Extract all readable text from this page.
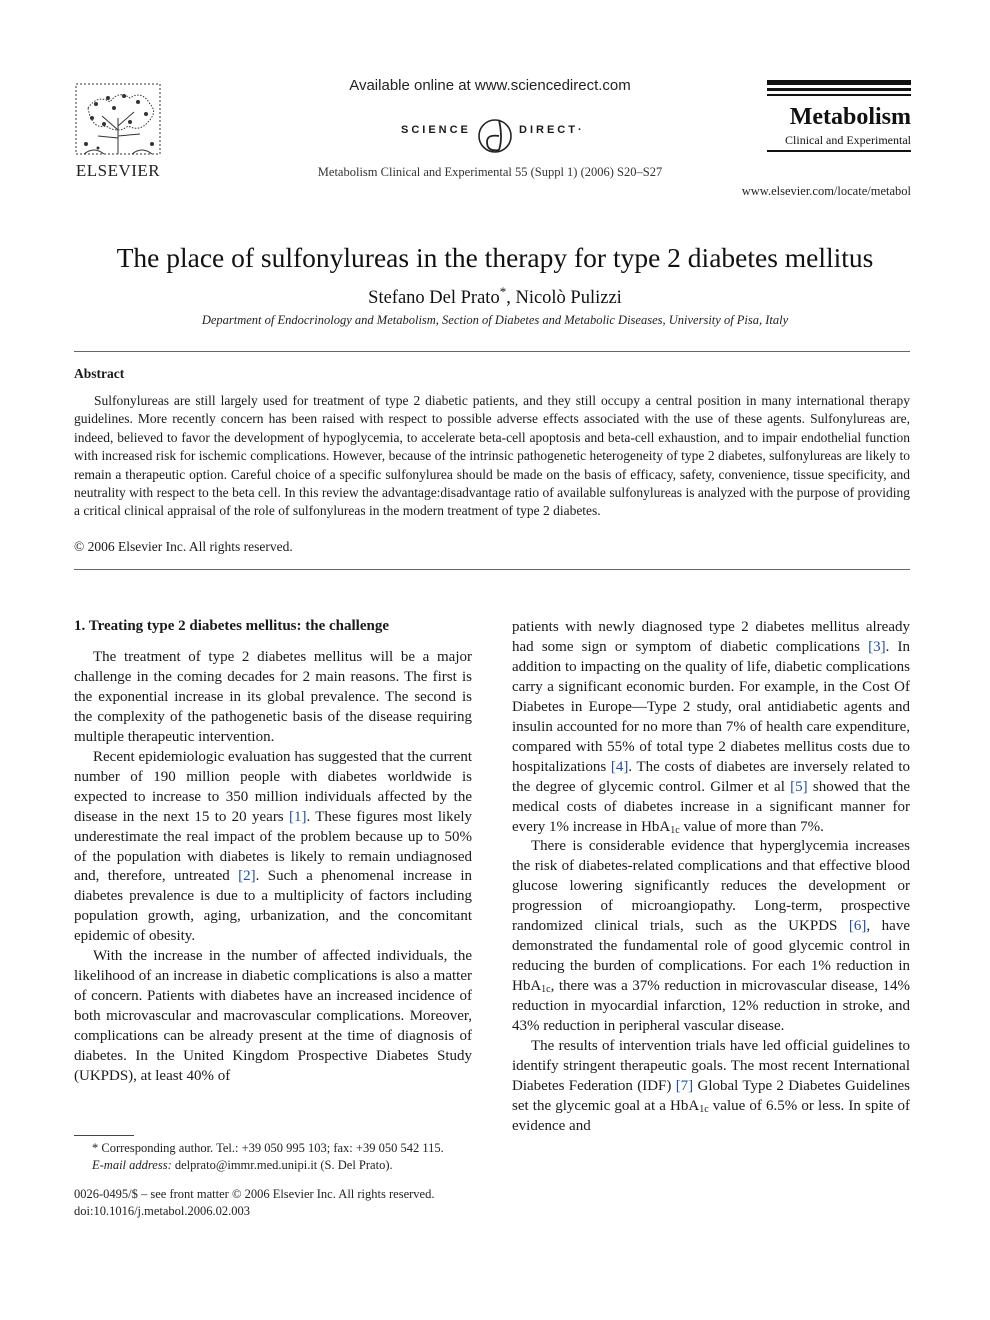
ELSEVIER
Available online at www.sciencedirect.com
SCIENCE	DIRECT·
Metabolism Clinical and Experimental 55 (Suppl 1) (2006) S20–S27
Metabolism
Clinical and Experimental
www.elsevier.com/locate/metabol
The place of sulfonylureas in the therapy for type 2 diabetes mellitus
Stefano Del Prato*, Nicolò Pulizzi
Department of Endocrinology and Metabolism, Section of Diabetes and Metabolic Diseases, University of Pisa, Italy
Abstract
Sulfonylureas are still largely used for treatment of type 2 diabetic patients, and they still occupy a central position in many international therapy guidelines. More recently concern has been raised with respect to possible adverse effects associated with the use of these agents. Sulfonylureas are, indeed, believed to favor the development of hypoglycemia, to accelerate beta-cell apoptosis and beta-cell exhaustion, and to impair endothelial function with increased risk for ischemic complications. However, because of the intrinsic pathogenetic heterogeneity of type 2 diabetes, sulfonylureas are likely to remain a therapeutic option. Careful choice of a specific sulfonylurea should be made on the basis of efficacy, safety, convenience, tissue specificity, and neutrality with respect to the beta cell. In this review the advantage:disadvantage ratio of available sulfonylureas is analyzed with the purpose of providing a critical clinical appraisal of the role of sulfonylureas in the modern treatment of type 2 diabetes.
© 2006 Elsevier Inc. All rights reserved.
1. Treating type 2 diabetes mellitus: the challenge

The treatment of type 2 diabetes mellitus will be a major challenge in the coming decades for 2 main reasons. The first is the exponential increase in its global prevalence. The second is the complexity of the pathogenetic basis of the disease requiring multiple therapeutic intervention.

Recent epidemiologic evaluation has suggested that the current number of 190 million people with diabetes worldwide is expected to increase to 350 million individuals affected by the disease in the next 15 to 20 years [1]. These figures most likely underestimate the real impact of the problem because up to 50% of the population with diabetes is likely to remain undiagnosed and, therefore, untreated [2]. Such a phenomenal increase in diabetes prevalence is due to a multiplicity of factors including population growth, aging, urbanization, and the concomitant epidemic of obesity.

With the increase in the number of affected individuals, the likelihood of an increase in diabetic complications is also a matter of concern. Patients with diabetes have an increased incidence of both microvascular and macrovascular complications. Moreover, complications can be already present at the time of diagnosis of diabetes. In the United Kingdom Prospective Diabetes Study (UKPDS), at least 40% of

patients with newly diagnosed type 2 diabetes mellitus already had some sign or symptom of diabetic complications [3]. In addition to impacting on the quality of life, diabetic complications carry a significant economic burden. For example, in the Cost Of Diabetes in Europe—Type 2 study, oral antidiabetic agents and insulin accounted for no more than 7% of health care expenditure, compared with 55% of total type 2 diabetes mellitus costs due to hospitalizations [4]. The costs of diabetes are inversely related to the degree of glycemic control. Gilmer et al [5] showed that the medical costs of diabetes increase in a significant manner for every 1% increase in HbA$_{1c}$ value of more than 7%.

There is considerable evidence that hyperglycemia increases the risk of diabetes-related complications and that effective blood glucose lowering significantly reduces the development or progression of microangiopathy. Long-term, prospective randomized clinical trials, such as the UKPDS [6], have demonstrated the fundamental role of good glycemic control in reducing the burden of complications. For each 1% reduction in HbA$_{1c}$, there was a 37% reduction in microvascular disease, 14% reduction in myocardial infarction, 12% reduction in stroke, and 43% reduction in peripheral vascular disease.

The results of intervention trials have led official guidelines to identify stringent therapeutic goals. The most recent International Diabetes Federation (IDF) [7] Global Type 2 Diabetes Guidelines set the glycemic goal at a HbA$_{1c}$ value of 6.5% or less. In spite of evidence and

* Corresponding author. Tel.: +39 050 995 103; fax: +39 050 542 115.
E-mail address: delprato@immr.med.unipi.it (S. Del Prato).
0026-0495/$ – see front matter © 2006 Elsevier Inc. All rights reserved.
doi:10.1016/j.metabol.2006.02.003
